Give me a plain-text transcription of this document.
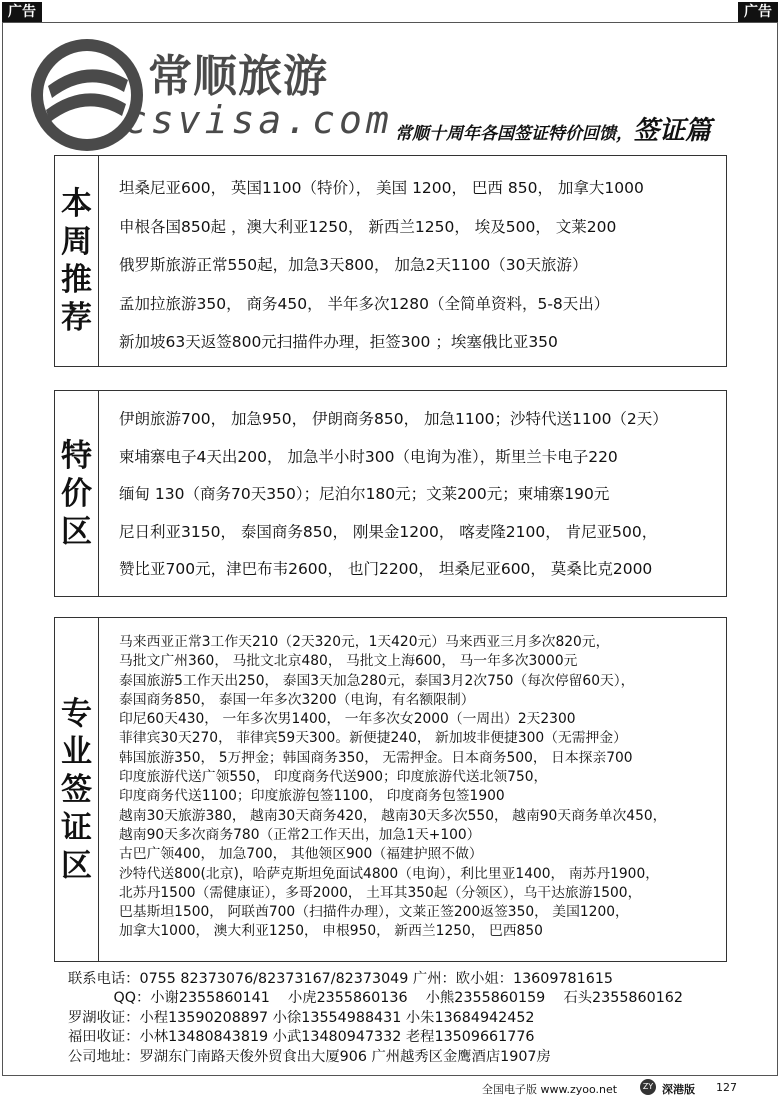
广告	广告
常顺旅游
csvisa.com 常顺十周年各国签证特价回馈，签证篇
本
周
推
荐
坦桑尼亚600， 英国1100（特价）， 美国 1200， 巴西 850， 加拿大1000
申根各国850起 ，澳大利亚1250， 新西兰1250， 埃及500， 文莱200
俄罗斯旅游正常550起，加急3天800， 加急2天1100（30天旅游）
孟加拉旅游350， 商务450， 半年多次1280（全简单资料，5-8天出）
新加坡63天返签800元扫描件办理，拒签300 ；埃塞俄比亚350
特
价
区
伊朗旅游700， 加急950， 伊朗商务850， 加急1100；沙特代送1100（2天）
柬埔寨电子4天出200， 加急半小时300（电询为准），斯里兰卡电子220
缅甸 130（商务70天350）；尼泊尔180元；文莱200元；柬埔寨190元
尼日利亚3150， 泰国商务850， 刚果金1200， 喀麦隆2100， 肯尼亚500，
赞比亚700元，津巴布韦2600， 也门2200， 坦桑尼亚600， 莫桑比克2000
专
业
签
证
区
马来西亚正常3工作天210（2天320元，1天420元）马来西亚三月多次820元，
马批文广州360， 马批文北京480， 马批文上海600， 马一年多次3000元
泰国旅游5工作天出250， 泰国3天加急280元，泰国3月2次750（每次停留60天），
泰国商务850， 泰国一年多次3200（电询，有名额限制）
印尼60天430， 一年多次男1400， 一年多次女2000（一周出）2天2300
菲律宾30天270， 菲律宾59天300。新便捷240， 新加坡非便捷300（无需押金）
韩国旅游350， 5万押金；韩国商务350， 无需押金。日本商务500， 日本探亲700
印度旅游代送广领550， 印度商务代送900；印度旅游代送北领750，
印度商务代送1100；印度旅游包签1100， 印度商务包签1900
越南30天旅游380， 越南30天商务420， 越南30天多次550， 越南90天商务单次450，
越南90天多次商务780（正常2工作天出，加急1天+100）
古巴广领400， 加急700， 其他领区900（福建护照不做）
沙特代送800(北京)，哈萨克斯坦免面试4800（电询），利比里亚1400， 南苏丹1900，
北苏丹1500（需健康证），多哥2000， 土耳其350起（分领区），乌干达旅游1500，
巴基斯坦1500， 阿联酋700（扫描件办理），文莱正签200返签350， 美国1200，
加拿大1000， 澳大利亚1250， 申根950， 新西兰1250， 巴西850
联系电话：0755 82373076/82373167/82373049 广州：欧小姐：13609781615
QQ：小谢2355860141    小虎2355860136    小熊2355860159    石头2355860162
罗湖收证：小程13590208897 小徐13554988431 小朱13684942452
福田收证：小林13480843819 小武13480947332 老程13509661776
公司地址：罗湖东门南路天俊外贸食出大厦906 广州越秀区金鹰酒店1907房
全国电子版 www.zyoo.net	ZY 深港版 127
